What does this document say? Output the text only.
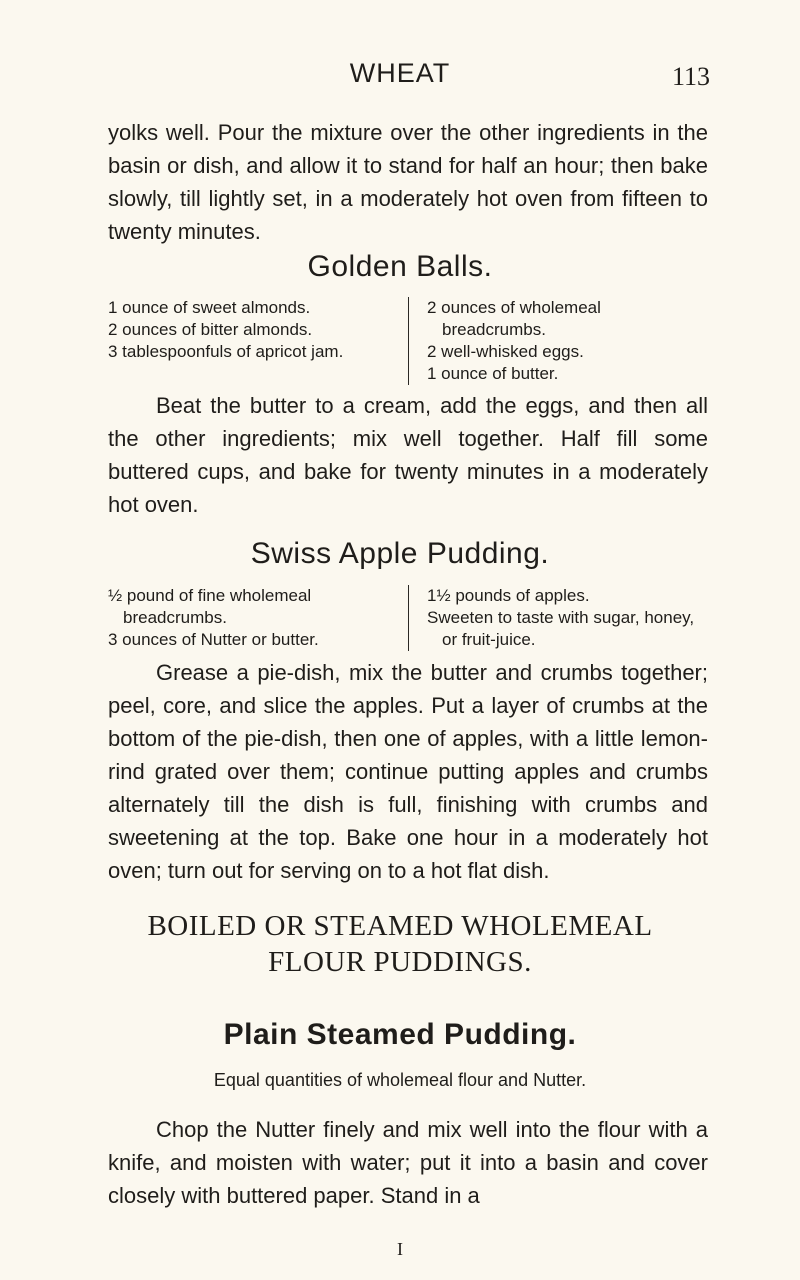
WHEAT	113

yolks well. Pour the mixture over the other ingredients in the basin or dish, and allow it to stand for half an hour; then bake slowly, till lightly set, in a moderately hot oven from fifteen to twenty minutes.

Golden Balls.

1 ounce of sweet almonds.

2 ounces of bitter almonds.

3 tablespoonfuls of apricot jam.

2 ounces of wholemeal breadcrumbs.

2 well-whisked eggs.

1 ounce of butter.

Beat the butter to a cream, add the eggs, and then all the other ingredients; mix well together. Half fill some buttered cups, and bake for twenty minutes in a moderately hot oven.

Swiss Apple Pudding.

½ pound of fine wholemeal breadcrumbs.

3 ounces of Nutter or butter.

1½ pounds of apples.

Sweeten to taste with sugar, honey, or fruit-juice.

Grease a pie-dish, mix the butter and crumbs together; peel, core, and slice the apples. Put a layer of crumbs at the bottom of the pie-dish, then one of apples, with a little lemon-rind grated over them; continue putting apples and crumbs alternately till the dish is full, finishing with crumbs and sweetening at the top. Bake one hour in a moderately hot oven; turn out for serving on to a hot flat dish.

BOILED OR STEAMED WHOLEMEAL
FLOUR PUDDINGS.
Plain Steamed Pudding.
Equal quantities of wholemeal flour and Nutter.

Chop the Nutter finely and mix well into the flour with a knife, and moisten with water; put it into a basin and cover closely with buttered paper. Stand in a

I
